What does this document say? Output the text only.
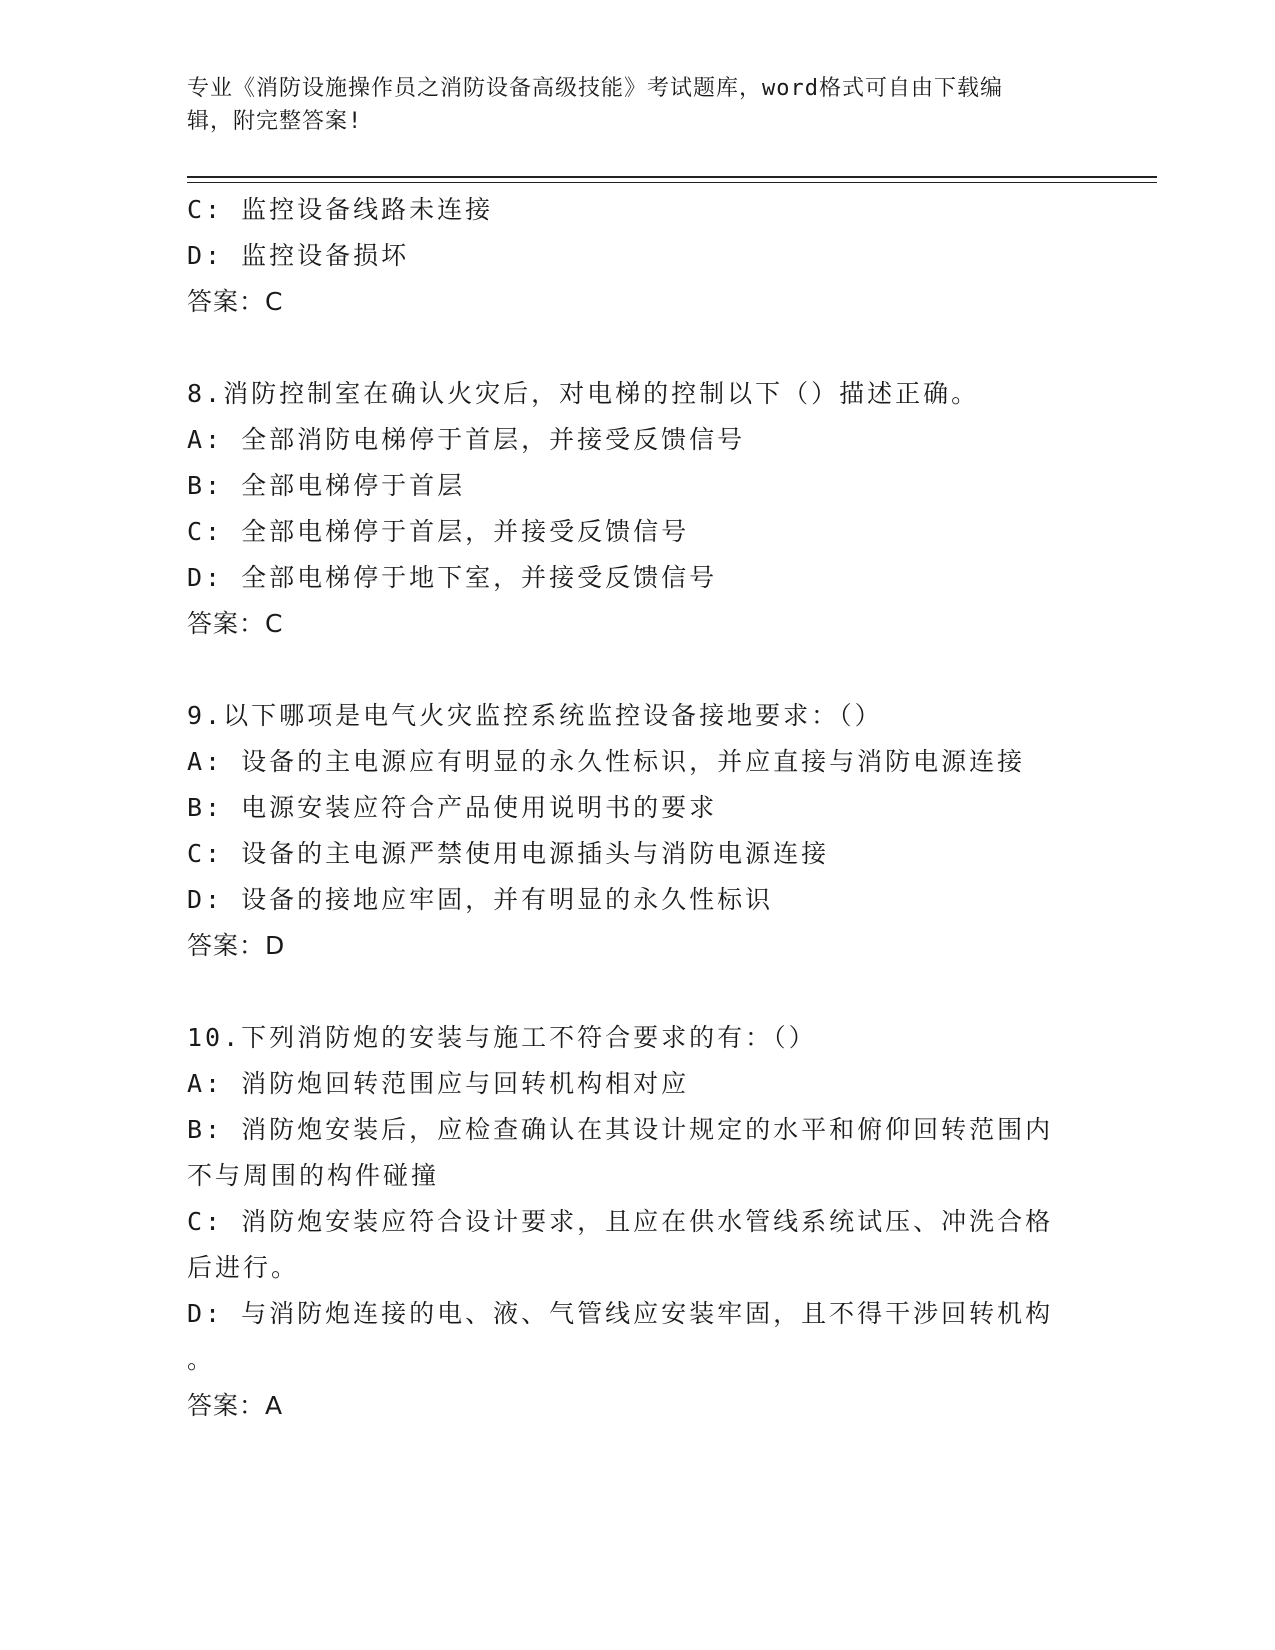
专业《消防设施操作员之消防设备高级技能》考试题库，word格式可自由下载编
辑，附完整答案!
C: 监控设备线路未连接
D: 监控设备损坏
答案：C
8.消防控制室在确认火灾后，对电梯的控制以下（）描述正确。
A: 全部消防电梯停于首层，并接受反馈信号
B: 全部电梯停于首层
C: 全部电梯停于首层，并接受反馈信号
D: 全部电梯停于地下室，并接受反馈信号
答案：C
9.以下哪项是电气火灾监控系统监控设备接地要求：（）
A: 设备的主电源应有明显的永久性标识，并应直接与消防电源连接
B: 电源安装应符合产品使用说明书的要求
C: 设备的主电源严禁使用电源插头与消防电源连接
D: 设备的接地应牢固，并有明显的永久性标识
答案：D
10.下列消防炮的安装与施工不符合要求的有：（）
A: 消防炮回转范围应与回转机构相对应
B: 消防炮安装后，应检查确认在其设计规定的水平和俯仰回转范围内
不与周围的构件碰撞
C: 消防炮安装应符合设计要求，且应在供水管线系统试压、冲洗合格
后进行。
D: 与消防炮连接的电、液、气管线应安装牢固，且不得干涉回转机构
。
答案：A
